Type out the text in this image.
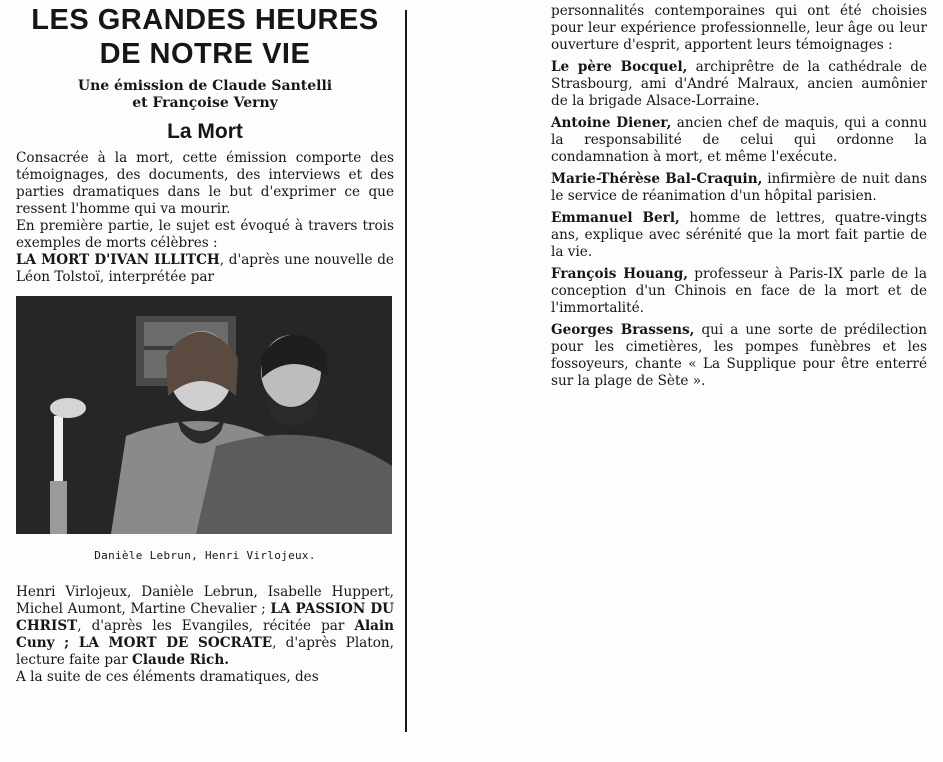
LES GRANDES HEURES
DE NOTRE VIE
Une émission de Claude Santelli
et Françoise Verny
La Mort

Consacrée à la mort, cette émission comporte des témoignages, des documents, des interviews et des parties dramatiques dans le but d'exprimer ce que ressent l'homme qui va mourir.

En première partie, le sujet est évoqué à travers trois exemples de morts célèbres :

LA MORT D'IVAN ILLITCH, d'après une nouvelle de Léon Tolstoï, interprétée par

Danièle Lebrun, Henri Virlojeux.

Henri Virlojeux, Danièle Lebrun, Isabelle Huppert, Michel Aumont, Martine Chevalier ; LA PASSION DU CHRIST, d'après les Evangiles, récitée par Alain Cuny ; LA MORT DE SOCRATE, d'après Platon, lecture faite par Claude Rich.

A la suite de ces éléments dramatiques, des

personnalités contemporaines qui ont été choisies pour leur expérience professionnelle, leur âge ou leur ouverture d'esprit, apportent leurs témoignages :

Le père Bocquel, archiprêtre de la cathédrale de Strasbourg, ami d'André Malraux, ancien aumônier de la brigade Alsace-Lorraine.

Antoine Diener, ancien chef de maquis, qui a connu la responsabilité de celui qui ordonne la condamnation à mort, et même l'exécute.

Marie-Thérèse Bal-Craquin, infirmière de nuit dans le service de réanimation d'un hôpital parisien.

Emmanuel Berl, homme de lettres, quatre-vingts ans, explique avec sérénité que la mort fait partie de la vie.

François Houang, professeur à Paris-IX parle de la conception d'un Chinois en face de la mort et de l'immortalité.

Georges Brassens, qui a une sorte de prédilection pour les cimetières, les pompes funèbres et les fossoyeurs, chante « La Supplique pour être enterré sur la plage de Sète ».
